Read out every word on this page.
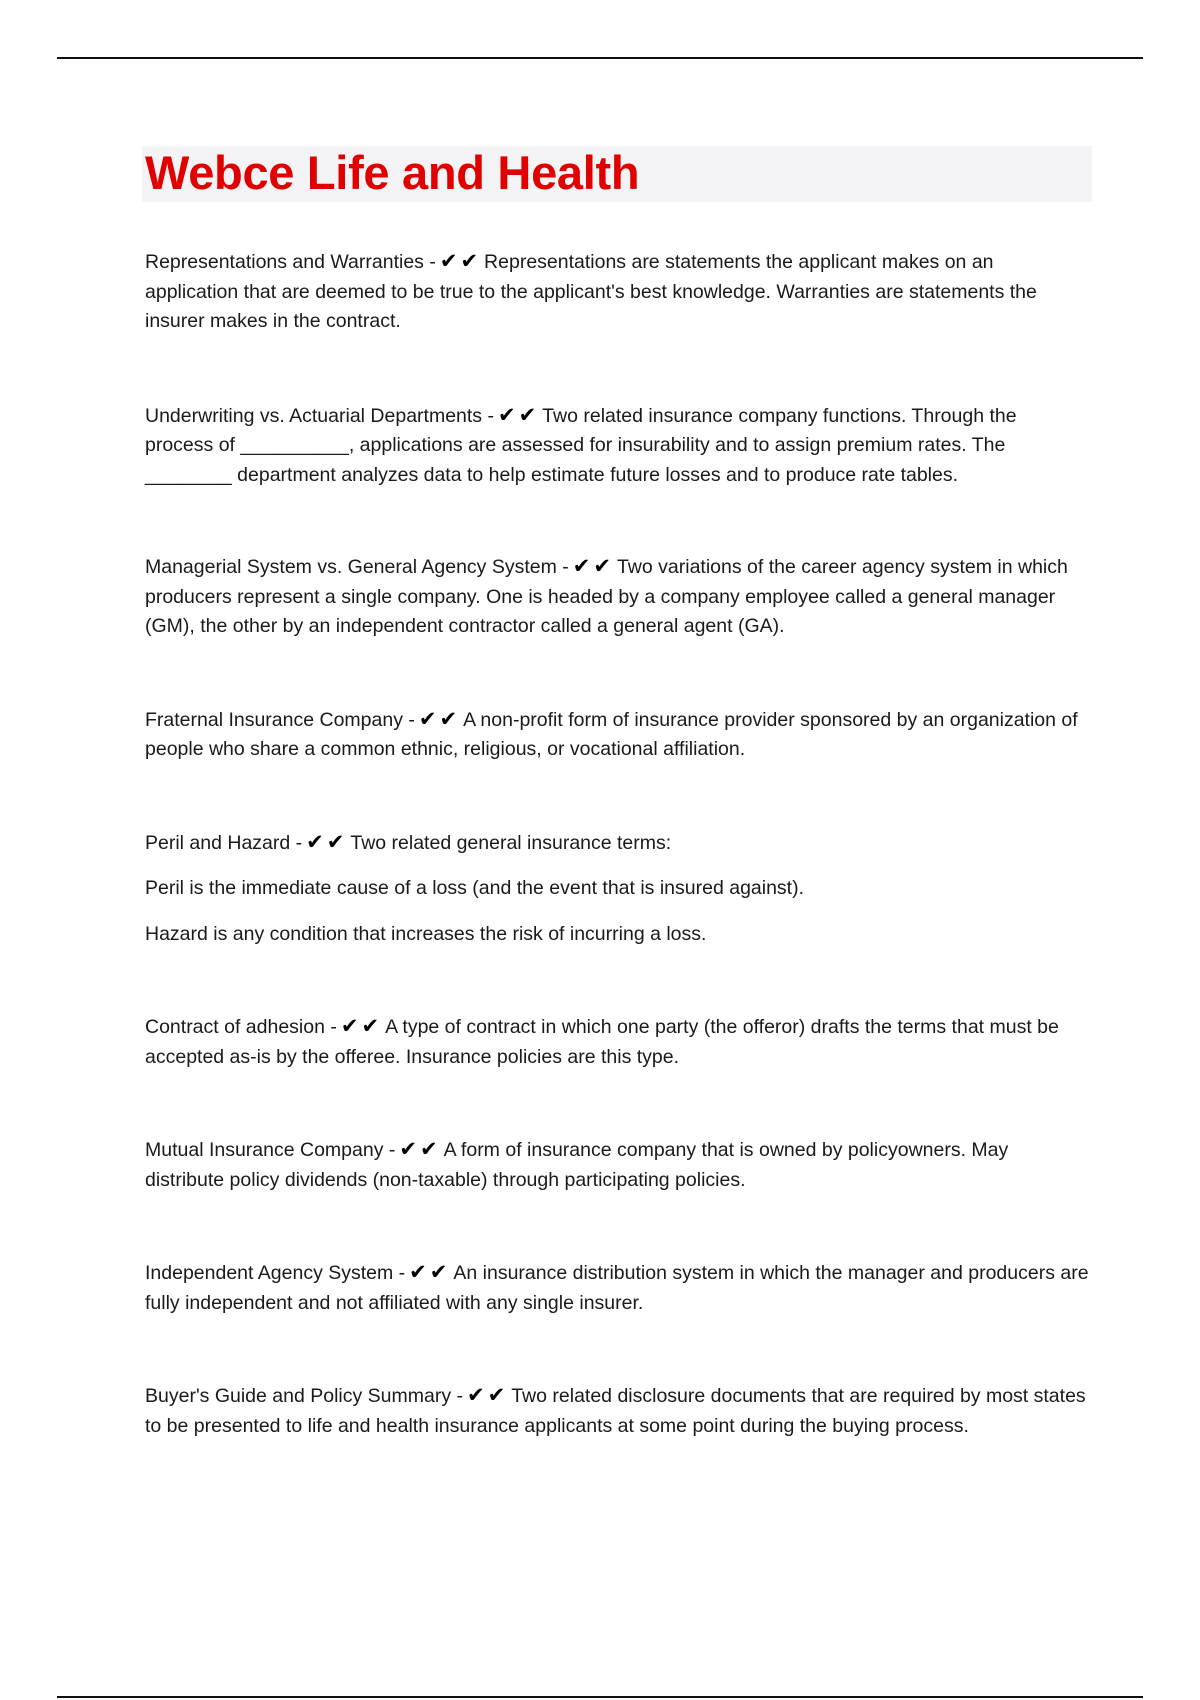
Webce Life and Health

Representations and Warranties - ✔✔ Representations are statements the applicant makes on an application that are deemed to be true to the applicant's best knowledge. Warranties are statements the insurer makes in the contract.

Underwriting vs. Actuarial Departments - ✔✔ Two related insurance company functions. Through the process of __________, applications are assessed for insurability and to assign premium rates. The ________ department analyzes data to help estimate future losses and to produce rate tables.

Managerial System vs. General Agency System - ✔✔ Two variations of the career agency system in which producers represent a single company. One is headed by a company employee called a general manager (GM), the other by an independent contractor called a general agent (GA).

Fraternal Insurance Company - ✔✔ A non-profit form of insurance provider sponsored by an organization of people who share a common ethnic, religious, or vocational affiliation.

Peril and Hazard - ✔✔ Two related general insurance terms:

Peril is the immediate cause of a loss (and the event that is insured against).

Hazard is any condition that increases the risk of incurring a loss.

Contract of adhesion - ✔✔ A type of contract in which one party (the offeror) drafts the terms that must be accepted as-is by the offeree. Insurance policies are this type.

Mutual Insurance Company - ✔✔ A form of insurance company that is owned by policyowners. May distribute policy dividends (non-taxable) through participating policies.

Independent Agency System - ✔✔ An insurance distribution system in which the manager and producers are fully independent and not affiliated with any single insurer.

Buyer's Guide and Policy Summary - ✔✔ Two related disclosure documents that are required by most states to be presented to life and health insurance applicants at some point during the buying process.
